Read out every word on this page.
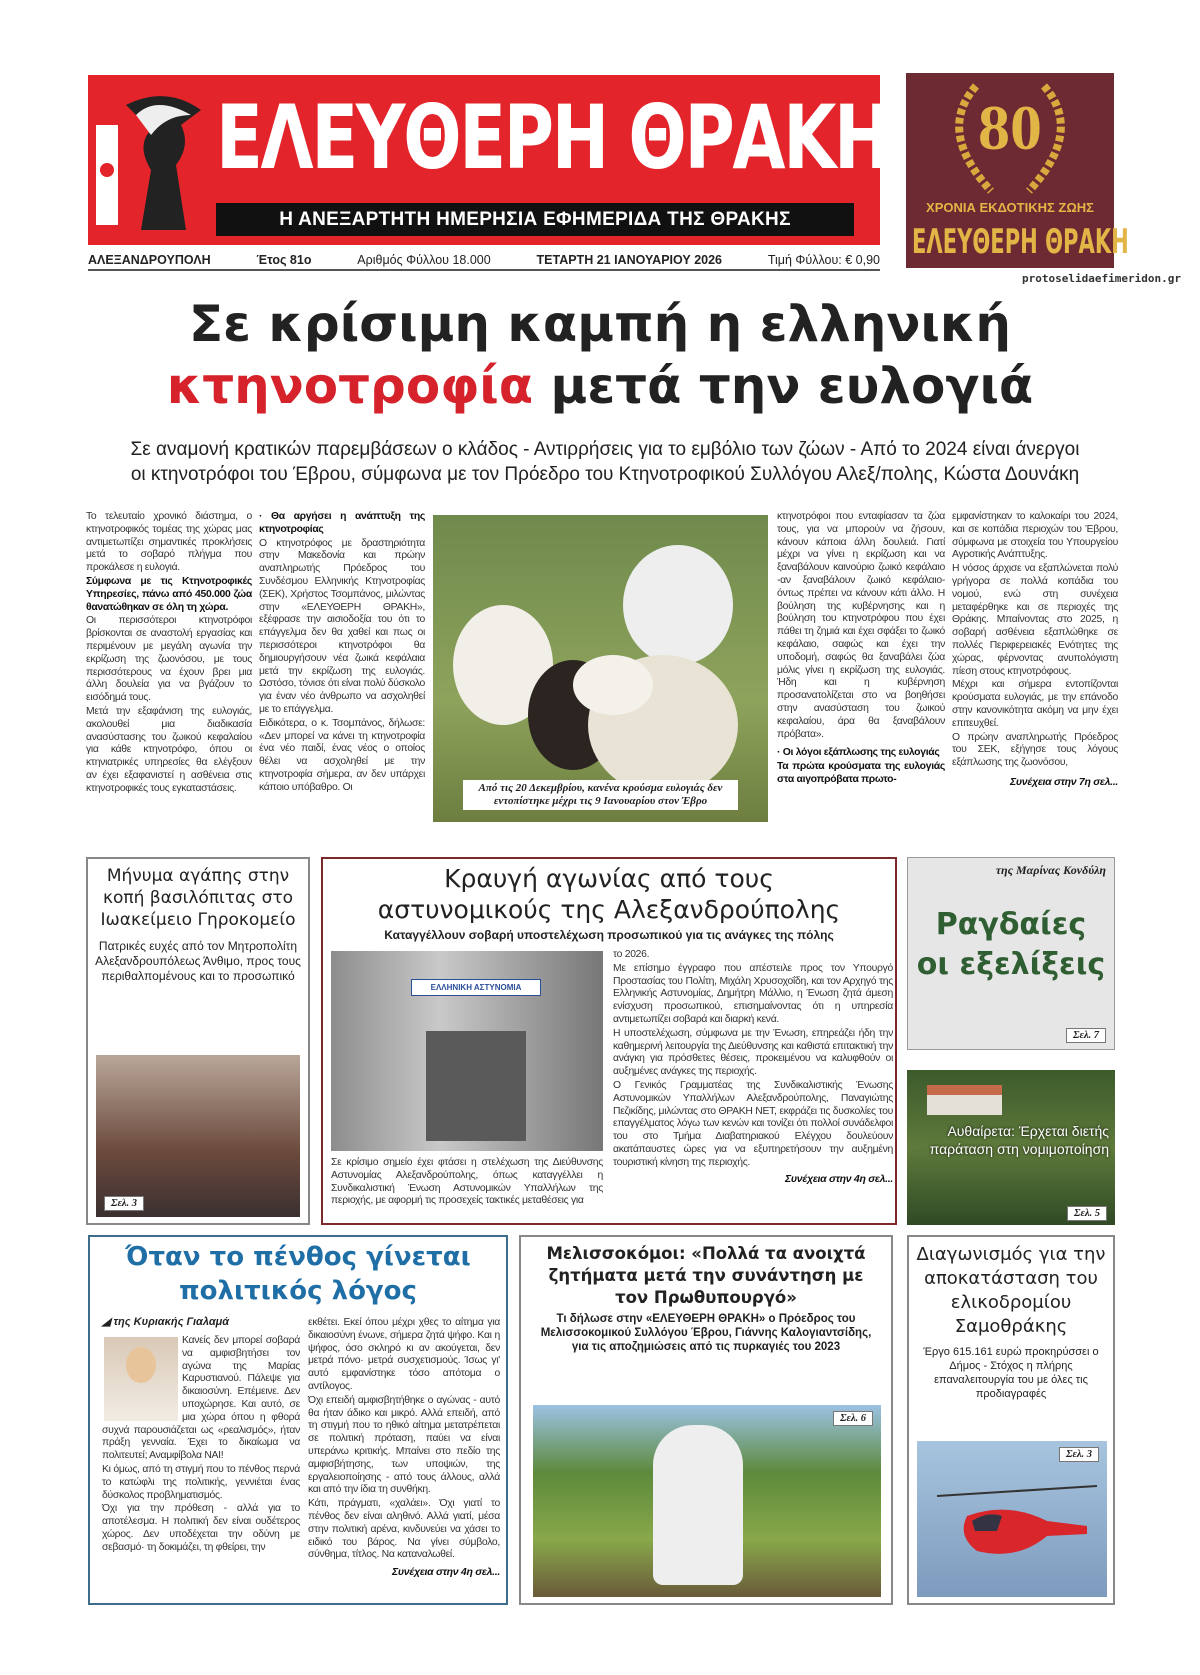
ΕΛΕΥΘΕΡΗ ΘΡΑΚΗ
Η ΑΝΕΞΑΡΤΗΤΗ ΗΜΕΡΗΣΙΑ ΕΦΗΜΕΡΙΔΑ ΤΗΣ ΘΡΑΚΗΣ
80
ΧΡΟΝΙΑ ΕΚΔΟΤΙΚΗΣ ΖΩΗΣ
ΕΛΕΥΘΕΡΗ ΘΡΑΚΗ
protoselidaefimeridon.gr
ΑΛΕΞΑΝΔΡΟΥΠΟΛΗ	Έτος 81ο	Αριθμός Φύλλου 18.000	ΤΕΤΑΡΤΗ 21 ΙΑΝΟΥΑΡΙΟΥ 2026	Τιμή Φύλλου: € 0,90
Σε κρίσιμη καμπή η ελληνική
κτηνοτροφία μετά την ευλογιά
Σε αναμονή κρατικών παρεμβάσεων ο κλάδος - Αντιρρήσεις για το εμβόλιο των ζώων - Από το 2024 είναι άνεργοι
οι κτηνοτρόφοι του Έβρου, σύμφωνα με τον Πρόεδρο του Κτηνοτροφικού Συλλόγου Αλεξ/πολης, Κώστα Δουνάκη

Το τελευταίο χρονικό διάστημα, ο κτηνοτροφικός τομέας της χώρας μας αντιμετωπίζει σημαντικές προκλήσεις μετά το σοβαρό πλήγμα που προκάλεσε η ευλογιά.

Σύμφωνα με τις Κτηνοτροφικές Υπηρεσίες, πάνω από 450.000 ζώα θανατώθηκαν σε όλη τη χώρα.

Οι περισσότεροι κτηνοτρόφοι βρίσκονται σε αναστολή εργασίας και περιμένουν με μεγάλη αγωνία την εκρίζωση της ζωονόσου, με τους περισσότερους να έχουν βρει μια άλλη δουλεία για να βγάζουν το εισόδημά τους.

Μετά την εξαφάνιση της ευλογιάς, ακολουθεί μια διαδικασία ανασύστασης του ζωικού κεφαλαίου για κάθε κτηνοτρόφο, όπου οι κτηνιατρικές υπηρεσίες θα ελέγξουν αν έχει εξαφανιστεί η ασθένεια στις κτηνοτροφικές τους εγκαταστάσεις.

· Θα αργήσει η ανάπτυξη της κτηνοτροφίας

Ο κτηνοτρόφος με δραστηριότητα στην Μακεδονία και πρώην αναπληρωτής Πρόεδρος του Συνδέσμου Ελληνικής Κτηνοτροφίας (ΣΕΚ), Χρήστος Τσομπάνος, μιλώντας στην «ΕΛΕΥΘΕΡΗ ΘΡΑΚΗ», εξέφρασε την αισιοδοξία του ότι το επάγγελμα δεν θα χαθεί και πως οι περισσότεροι κτηνοτρόφοι θα δημιουργήσουν νέα ζωικά κεφάλαια μετά την εκρίζωση της ευλογιάς. Ωστόσο, τόνισε ότι είναι πολύ δύσκολο για έναν νέο άνθρωπο να ασχοληθεί με το επάγγελμα.

Ειδικότερα, ο κ. Τσομπάνος, δήλωσε: «Δεν μπορεί να κάνει τη κτηνοτροφία ένα νέο παιδί, ένας νέος ο οποίος θέλει να ασχοληθεί με την κτηνοτροφία σήμερα, αν δεν υπάρχει κάποιο υπόβαθρο. Οι	Από τις 20 Δεκεμβρίου, κανένα κρούσμα ευλογιάς δεν εντοπίστηκε μέχρι τις 9 Ιανουαρίου στον Έβρο

κτηνοτρόφοι που ενταφίασαν τα ζώα τους, για να μπορούν να ζήσουν, κάνουν κάποια άλλη δουλειά. Γιατί μέχρι να γίνει η εκρίζωση και να ξαναβάλουν καινούριο ζωικό κεφάλαιο -αν ξαναβάλουν ζωικό κεφάλαιο- όντως πρέπει να κάνουν κάτι άλλο. Η βούληση της κυβέρνησης και η βούληση του κτηνοτρόφου που έχει πάθει τη ζημιά και έχει σφάξει το ζωικό κεφάλαιο, σαφώς και έχει την υποδομή, σαφώς θα ξαναβάλει ζώα μόλις γίνει η εκρίζωση της ευλογιάς. Ήδη και η κυβέρνηση προσανατολίζεται στο να βοηθήσει στην ανασύσταση του ζωικού κεφαλαίου, άρα θα ξαναβάλουν πρόβατα».

· Οι λόγοι εξάπλωσης της ευλογιάς

Τα πρώτα κρούσματα της ευλογιάς στα αιγοπρόβατα πρωτο-

εμφανίστηκαν το καλοκαίρι του 2024, και σε κοπάδια περιοχών του Έβρου, σύμφωνα με στοιχεία του Υπουργείου Αγροτικής Ανάπτυξης.

Η νόσος άρχισε να εξαπλώνεται πολύ γρήγορα σε πολλά κοπάδια του νομού, ενώ στη συνέχεια μεταφέρθηκε και σε περιοχές της Θράκης. Μπαίνοντας στο 2025, η σοβαρή ασθένεια εξαπλώθηκε σε πολλές Περιφερειακές Ενότητες της χώρας, φέρνοντας ανυπολόγιστη πίεση στους κτηνοτρόφους.

Μέχρι και σήμερα εντοπίζονται κρούσματα ευλογιάς, με την επάνοδο στην κανονικότητα ακόμη να μην έχει επιτευχθεί.

Ο πρώην αναπληρωτής Πρόεδρος του ΣΕΚ, εξήγησε τους λόγους εξάπλωσης της ζωονόσου,

Συνέχεια στην 7η σελ...

Μήνυμα αγάπης στην κοπή βασιλόπιτας στο Ιωακείμειο Γηροκομείο
Πατρικές ευχές από τον Μητροπολίτη Αλεξανδρουπόλεως Άνθιμο, προς τους περιθαλπομένους και το προσωπικό
Σελ. 3
Κραυγή αγωνίας από τους
αστυνομικούς της Αλεξανδρούπολης
Καταγγέλλουν σοβαρή υποστελέχωση προσωπικού για τις ανάγκες της πόλης
ΕΛΛΗΝΙΚΗ ΑΣΤΥΝΟΜΙΑ
Σε κρίσιμο σημείο έχει φτάσει η στελέχωση της Διεύθυνσης Αστυνομίας Αλεξανδρούπολης, όπως καταγγέλλει η Συνδικαλιστική Ένωση Αστυνομικών Υπαλλήλων της περιοχής, με αφορμή τις προσεχείς τακτικές μεταθέσεις για

το 2026.

Με επίσημο έγγραφο που απέστειλε προς τον Υπουργό Προστασίας του Πολίτη, Μιχάλη Χρυσοχοΐδη, και τον Αρχηγό της Ελληνικής Αστυνομίας, Δημήτρη Μάλλιο, η Ένωση ζητά άμεση ενίσχυση προσωπικού, επισημαίνοντας ότι η υπηρεσία αντιμετωπίζει σοβαρά και διαρκή κενά.

Η υποστελέχωση, σύμφωνα με την Ένωση, επηρεάζει ήδη την καθημερινή λειτουργία της Διεύθυνσης και καθιστά επιτακτική την ανάγκη για πρόσθετες θέσεις, προκειμένου να καλυφθούν οι αυξημένες ανάγκες της περιοχής.

Ο Γενικός Γραμματέας της Συνδικαλιστικής Ένωσης Αστυνομικών Υπαλλήλων Αλεξανδρούπολης, Παναγιώτης Πεζικίδης, μιλώντας στο ΘΡΑΚΗ ΝΕΤ, εκφράζει τις δυσκολίες του επαγγέλματος λόγω των κενών και τονίζει ότι πολλοί συνάδελφοι του στο Τμήμα Διαβατηριακού Ελέγχου δουλεύουν ακατάπαυστες ώρες για να εξυπηρετήσουν την αυξημένη τουριστική κίνηση της περιοχής.

Συνέχεια στην 4η σελ...

της Μαρίνας Κονδύλη
Ραγδαίες
οι εξελίξεις
Σελ. 7
Αυθαίρετα: Έρχεται διετής παράταση στη νομιμοποίηση
Σελ. 5
Όταν το πένθος γίνεται
πολιτικός λόγος
◢ της Κυριακής Γιαλαμά

Κανείς δεν μπορεί σοβαρά να αμφισβητήσει τον αγώνα της Μαρίας Καρυστιανού. Πάλεψε για δικαιοσύνη. Επέμεινε. Δεν υποχώρησε. Και αυτό, σε μια χώρα όπου η φθορά συχνά παρουσιάζεται ως «ρεαλισμός», ήταν πράξη γενναία. Έχει το δικαίωμα να πολιτευτεί; Αναμφίβολα ΝΑΙ!

Κι όμως, από τη στιγμή που το πένθος περνά το κατώφλι της πολιτικής, γεννιέται ένας δύσκολος προβληματισμός.

Όχι για την πρόθεση - αλλά για το αποτέλεσμα. Η πολιτική δεν είναι ουδέτερος χώρος. Δεν υποδέχεται την οδύνη με σεβασμό· τη δοκιμάζει, τη φθείρει, την

εκθέτει. Εκεί όπου μέχρι χθες το αίτημα για δικαιοσύνη ένωνε, σήμερα ζητά ψήφο. Και η ψήφος, όσο σκληρό κι αν ακούγεται, δεν μετρά πόνο· μετρά συσχετισμούς. Ίσως γι' αυτό εμφανίστηκε τόσο απότομα ο αντίλογος.

Όχι επειδή αμφισβητήθηκε ο αγώνας - αυτό θα ήταν άδικο και μικρό. Αλλά επειδή, από τη στιγμή που το ηθικό αίτημα μετατρέπεται σε πολιτική πρόταση, παύει να είναι υπεράνω κριτικής. Μπαίνει στο πεδίο της αμφισβήτησης, των υποψιών, της εργαλειοποίησης - από τους άλλους, αλλά και από την ίδια τη συνθήκη.

Κάτι, πράγματι, «χαλάει». Όχι γιατί το πένθος δεν είναι αληθινό. Αλλά γιατί, μέσα στην πολιτική αρένα, κινδυνεύει να χάσει το ειδικό του βάρος. Να γίνει σύμβολο, σύνθημα, τίτλος. Να καταναλωθεί.

Συνέχεια στην 4η σελ...

Μελισσοκόμοι: «Πολλά τα ανοιχτά ζητήματα μετά την συνάντηση με τον Πρωθυπουργό»
Τι δήλωσε στην «ΕΛΕΥΘΕΡΗ ΘΡΑΚΗ» ο Πρόεδρος του Μελισσοκομικού Συλλόγου Έβρου, Γιάννης Καλογιαντσίδης, για τις αποζημιώσεις από τις πυρκαγιές του 2023
Σελ. 6
Διαγωνισμός για την αποκατάσταση του ελικοδρομίου Σαμοθράκης
Έργο 615.161 ευρώ προκηρύσσει ο Δήμος - Στόχος η πλήρης επαναλειτουργία του με όλες τις προδιαγραφές
Σελ. 3
